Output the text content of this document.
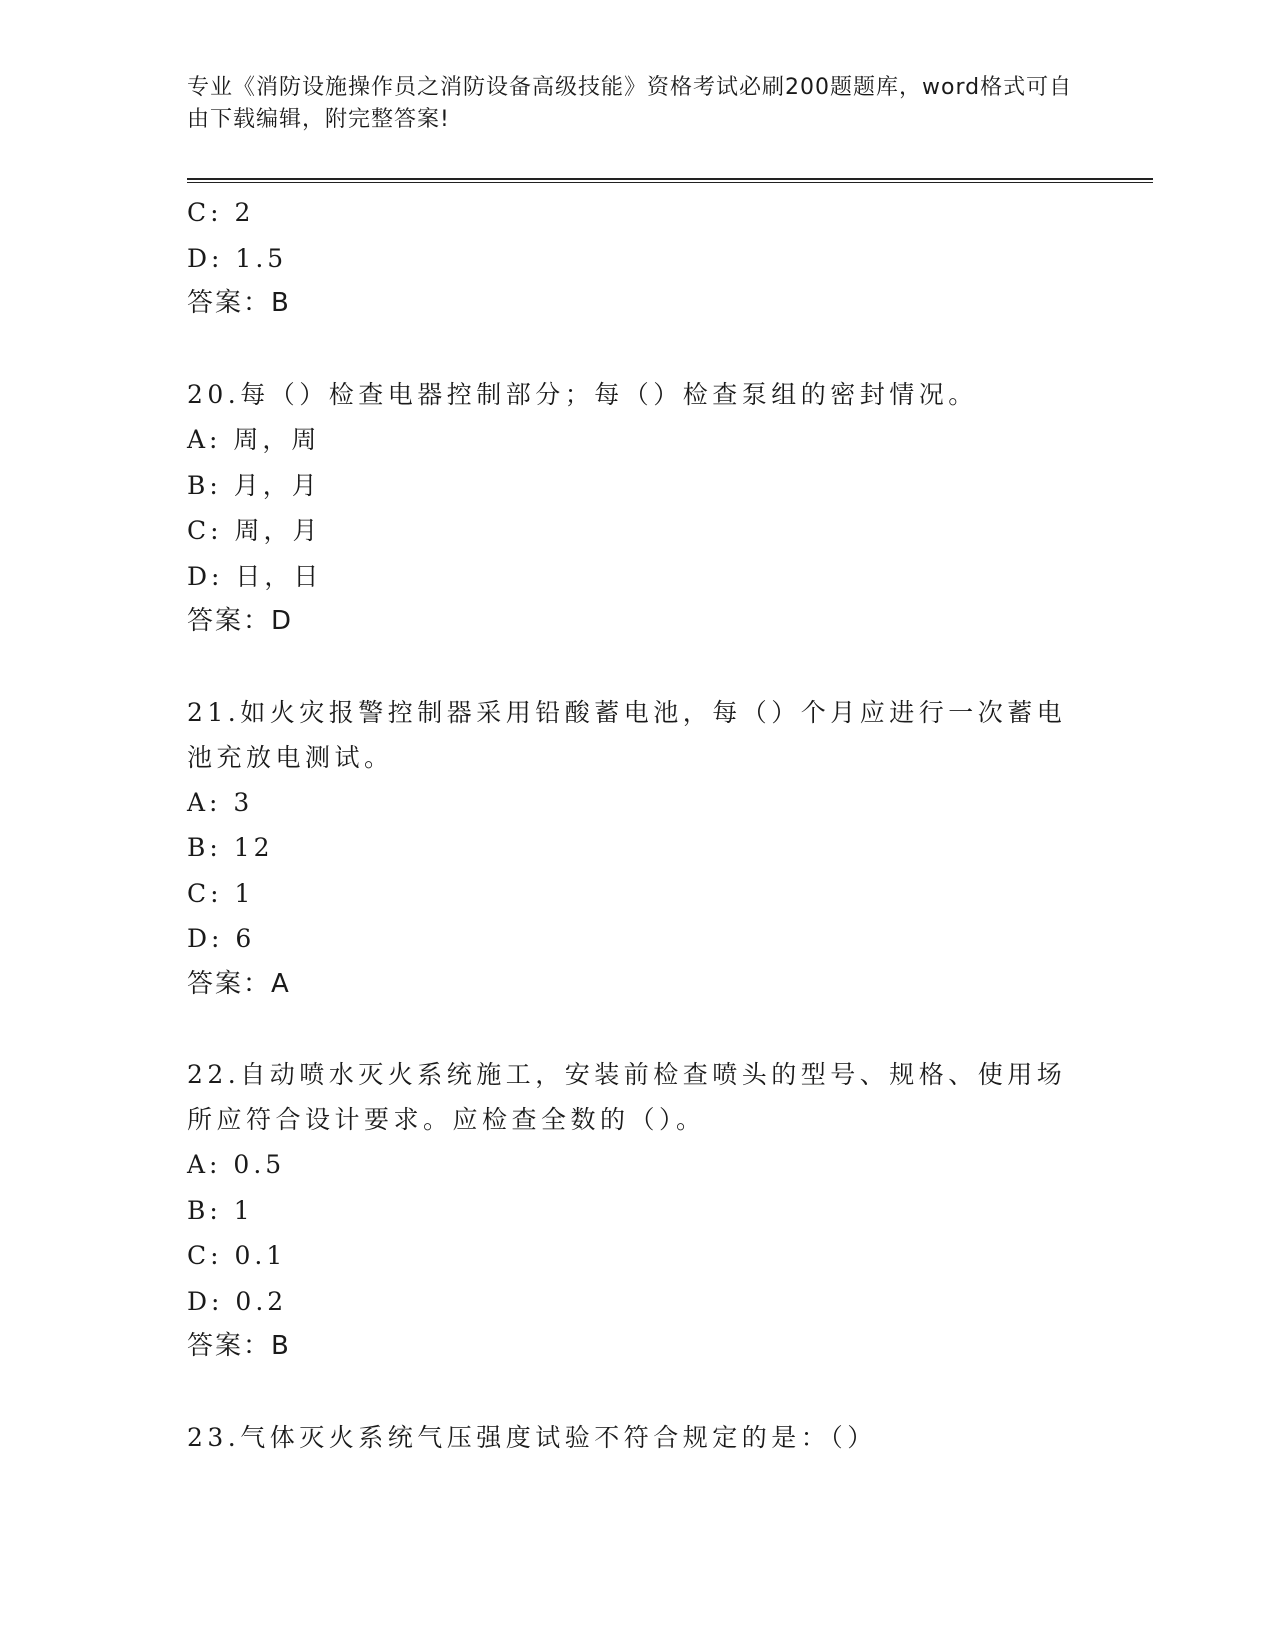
专业《消防设施操作员之消防设备高级技能》资格考试必刷200题题库，word格式可自由下载编辑，附完整答案!
C: 2
D: 1.5
答案：B
20.每（）检查电器控制部分；每（）检查泵组的密封情况。
A: 周，周
B: 月，月
C: 周，月
D: 日，日
答案：D
21.如火灾报警控制器采用铅酸蓄电池，每（）个月应进行一次蓄电池充放电测试。
A: 3
B: 12
C: 1
D: 6
答案：A
22.自动喷水灭火系统施工，安装前检查喷头的型号、规格、使用场所应符合设计要求。应检查全数的（）。
A: 0.5
B: 1
C: 0.1
D: 0.2
答案：B
23.气体灭火系统气压强度试验不符合规定的是：（）
